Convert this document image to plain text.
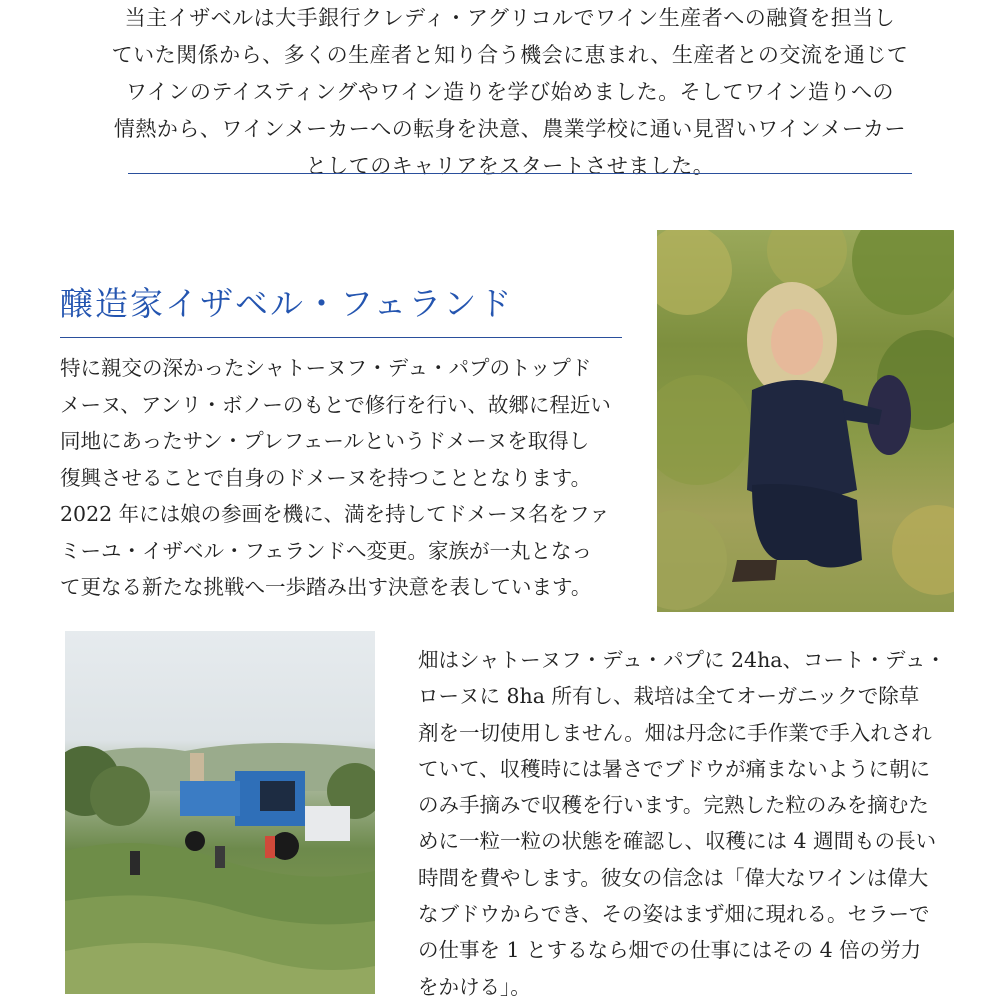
当主イザベルは大手銀行クレディ・アグリコルでワイン生産者への融資を担当し
ていた関係から、多くの生産者と知り合う機会に恵まれ、生産者との交流を通じて
ワインのテイスティングやワイン造りを学び始めました。そしてワイン造りへの
情熱から、ワインメーカーへの転身を決意、農業学校に通い見習いワインメーカー
としてのキャリアをスタートさせました。
醸造家イザベル・フェランド
特に親交の深かったシャトーヌフ・デュ・パプのトップド
メーヌ、アンリ・ボノーのもとで修行を行い、故郷に程近い
同地にあったサン・プレフェールというドメーヌを取得し
復興させることで自身のドメーヌを持つこととなります。
2022 年には娘の参画を機に、満を持してドメーヌ名をファ
ミーユ・イザベル・フェランドへ変更。家族が一丸となっ
て更なる新たな挑戦へ一歩踏み出す決意を表しています。
畑はシャトーヌフ・デュ・パプに 24ha、コート・デュ・
ローヌに 8ha 所有し、栽培は全てオーガニックで除草
剤を一切使用しません。畑は丹念に手作業で手入れされ
ていて、収穫時には暑さでブドウが痛まないように朝に
のみ手摘みで収穫を行います。完熟した粒のみを摘むた
めに一粒一粒の状態を確認し、収穫には 4 週間もの長い
時間を費やします。彼女の信念は「偉大なワインは偉大
なブドウからでき、その姿はまず畑に現れる。セラーで
の仕事を 1 とするなら畑での仕事にはその 4 倍の労力
をかける」。
